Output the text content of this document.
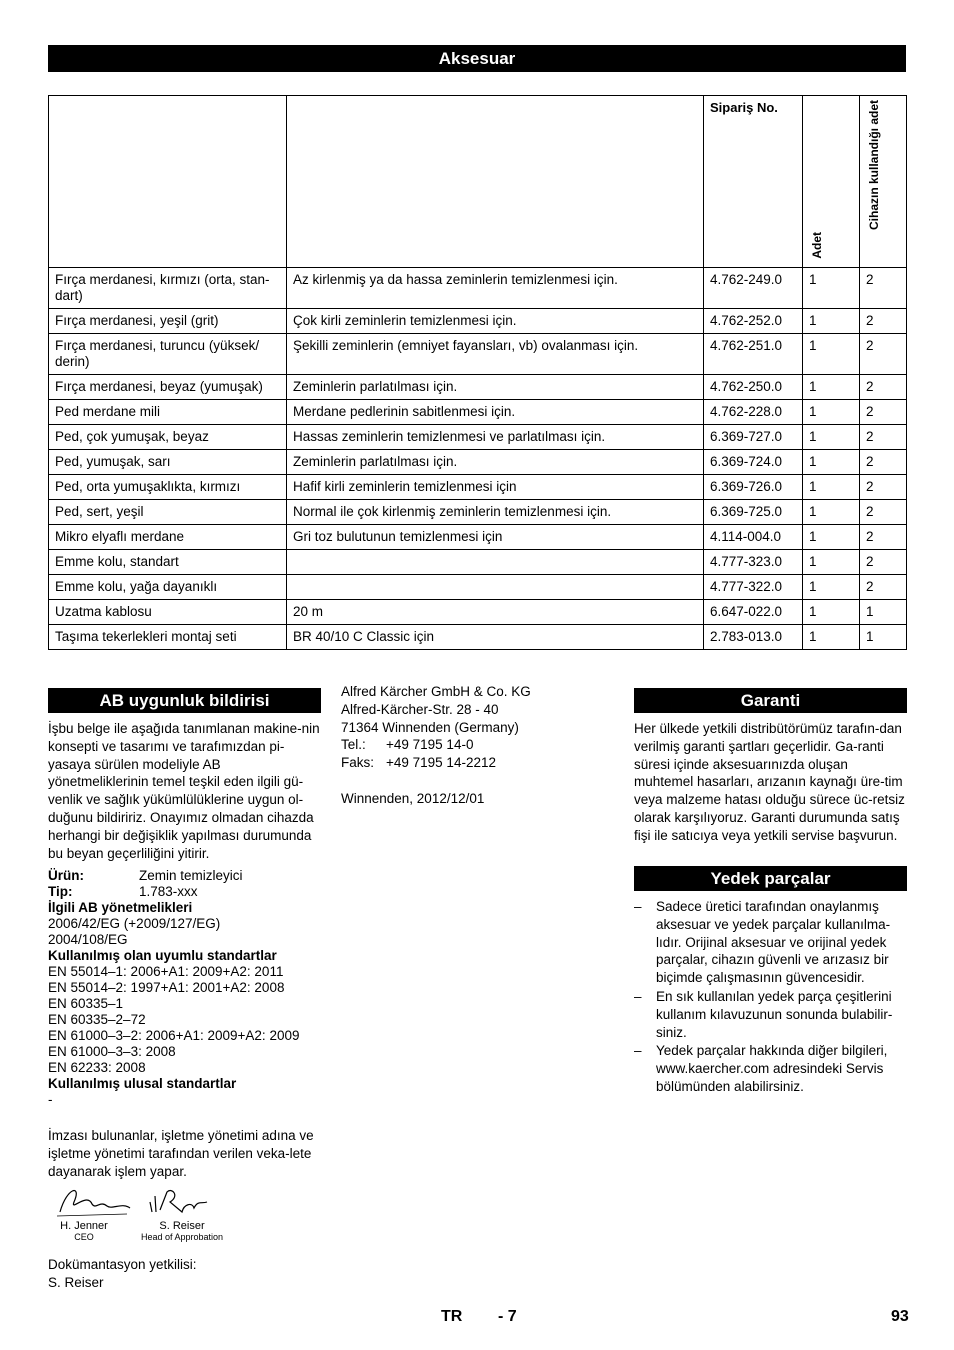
Aksesuar
		Sipariş No.	Adet	Cihazın kullandığı adet
Fırça merdanesi, kırmızı (orta, stan-dart)	Az kirlenmiş ya da hassa zeminlerin temizlenmesi için.	4.762-249.0	1	2
Fırça merdanesi, yeşil (grit)	Çok kirli zeminlerin temizlenmesi için.	4.762-252.0	1	2
Fırça merdanesi, turuncu (yüksek/ derin)	Şekilli zeminlerin (emniyet fayansları, vb) ovalanması için.	4.762-251.0	1	2
Fırça merdanesi, beyaz (yumuşak)	Zeminlerin parlatılması için.	4.762-250.0	1	2
Ped merdane mili	Merdane pedlerinin sabitlenmesi için.	4.762-228.0	1	2
Ped, çok yumuşak, beyaz	Hassas zeminlerin temizlenmesi ve parlatılması için.	6.369-727.0	1	2
Ped, yumuşak, sarı	Zeminlerin parlatılması için.	6.369-724.0	1	2
Ped, orta yumuşaklıkta, kırmızı	Hafif kirli zeminlerin temizlenmesi için	6.369-726.0	1	2
Ped, sert, yeşil	Normal ile çok kirlenmiş zeminlerin temizlenmesi için.	6.369-725.0	1	2
Mikro elyaflı merdane	Gri toz bulutunun temizlenmesi için	4.114-004.0	1	2
Emme kolu, standart		4.777-323.0	1	2
Emme kolu, yağa dayanıklı		4.777-322.0	1	2
Uzatma kablosu	20 m	6.647-022.0	1	1
Taşıma tekerlekleri montaj seti	BR 40/10 C Classic için	2.783-013.0	1	1
AB uygunluk bildirisi
İşbu belge ile aşağıda tanımlanan makine-nin konsepti ve tasarımı ve tarafımızdan pi-yasaya sürülen modeliyle AB yönetmeliklerinin temel teşkil eden ilgili gü-venlik ve sağlık yükümlülüklerine uygun ol-duğunu bildiririz. Onayımız olmadan cihazda herhangi bir değişiklik yapılması durumunda bu beyan geçerliliğini yitirir.
Ürün:	Zemin temizleyici
Tip:	1.783-xxx
İlgili AB yönetmelikleri
2006/42/EG (+2009/127/EG)
2004/108/EG
Kullanılmış olan uyumlu standartlar
EN 55014–1: 2006+A1: 2009+A2: 2011
EN 55014–2: 1997+A1: 2001+A2: 2008
EN 60335–1
EN 60335–2–72
EN 61000–3–2: 2006+A1: 2009+A2: 2009
EN 61000–3–3: 2008
EN 62233: 2008
Kullanılmış ulusal standartlar
-
İmzası bulunanlar, işletme yönetimi adına ve işletme yönetimi tarafından verilen veka-lete dayanarak işlem yapar.
H. Jenner
CEO
S. Reiser
Head of Approbation
Dokümantasyon yetkilisi:
S. Reiser
Alfred Kärcher GmbH & Co. KG
Alfred-Kärcher-Str. 28 - 40
71364 Winnenden (Germany)
Tel.: +49 7195 14-0
Faks: +49 7195 14-2212
Winnenden, 2012/12/01
Garanti
Her ülkede yetkili distribütörümüz tarafın-dan verilmiş garanti şartları geçerlidir. Ga-ranti süresi içinde aksesuarınızda oluşan muhtemel hasarları, arızanın kaynağı üre-tim veya malzeme hatası olduğu sürece üc-retsiz olarak karşılıyoruz. Garanti durumunda satış fişi ile satıcıya veya yetkili servise başvurun.
Yedek parçalar
– Sadece üretici tarafından onaylanmış aksesuar ve yedek parçalar kullanılma-lıdır. Orijinal aksesuar ve orijinal yedek parçalar, cihazın güvenli ve arızasız bir biçimde çalışmasının güvencesidir.
– En sık kullanılan yedek parça çeşitlerini kullanım kılavuzunun sonunda bulabilir-siniz.
– Yedek parçalar hakkında diğer bilgileri, www.kaercher.com adresindeki Servis bölümünden alabilirsiniz.
TR - 7	93
